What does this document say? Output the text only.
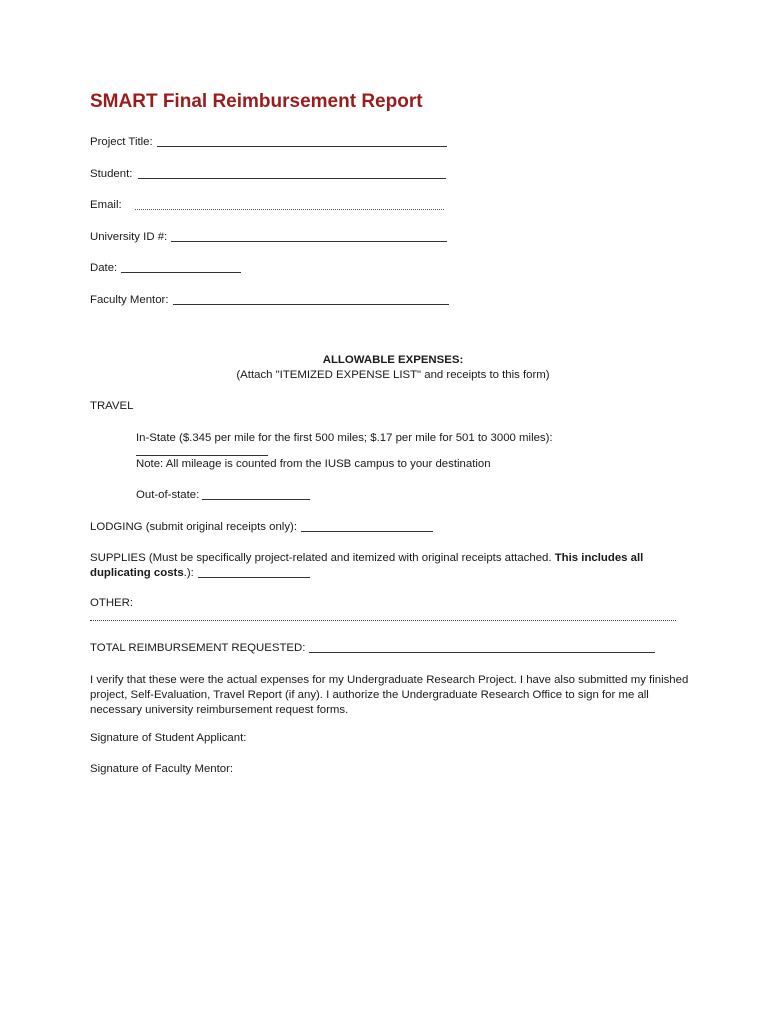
SMART Final Reimbursement Report
Project Title:
Student:
Email:
University ID #:
Date:
Faculty Mentor:
ALLOWABLE EXPENSES:
(Attach "ITEMIZED EXPENSE LIST" and receipts to this form)
TRAVEL
In-State ($.345 per mile for the first 500 miles; $.17 per mile for 501 to 3000 miles):
Note: All mileage is counted from the IUSB campus to your destination
Out-of-state:
LODGING (submit original receipts only):
SUPPLIES (Must be specifically project-related and itemized with original receipts attached. This includes all
duplicating costs .):
OTHER:
TOTAL REIMBURSEMENT REQUESTED:
I verify that these were the actual expenses for my Undergraduate Research Project. I have also submitted my finished project, Self-Evaluation, Travel Report (if any). I authorize the Undergraduate Research Office to sign for me all necessary university reimbursement request forms.
Signature of Student Applicant:
Signature of Faculty Mentor:
